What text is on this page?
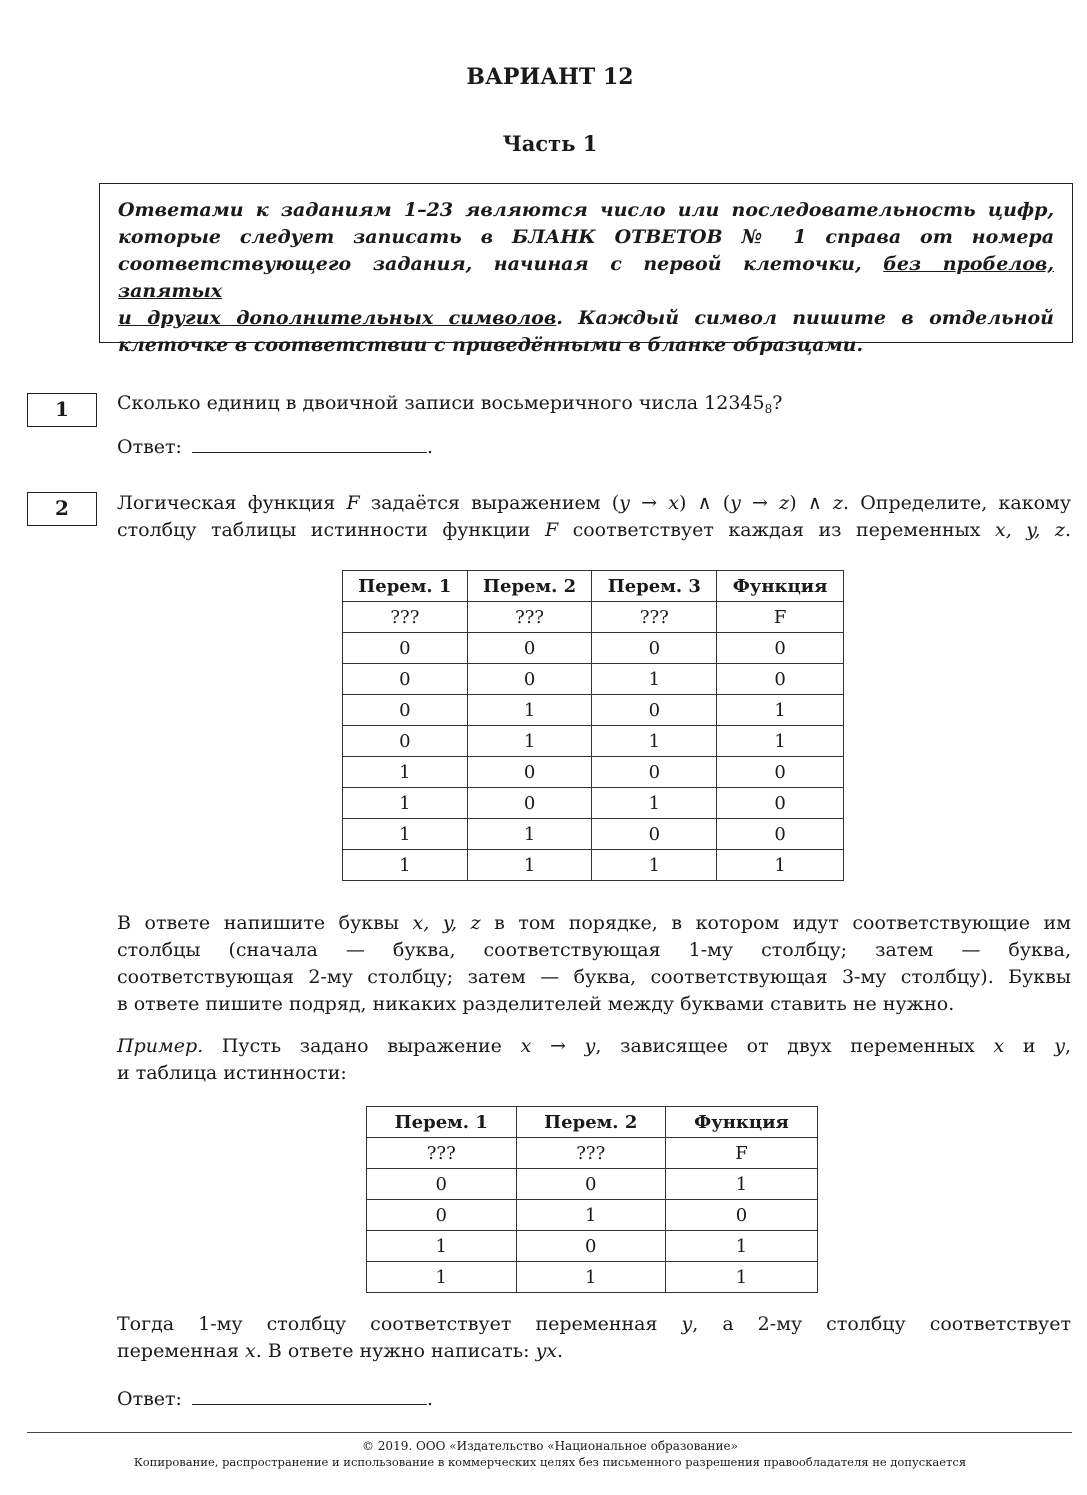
ВАРИАНТ 12
Часть 1
Ответами к заданиям 1–23 являются число или последовательность цифр,
которые следует записать в БЛАНК ОТВЕТОВ № 1 справа от номера
соответствующего задания, начиная с первой клеточки, без пробелов, запятых
и других дополнительных символов. Каждый символ пишите в отдельной
клеточке в соответствии с приведёнными в бланке образцами.
1	Сколько единиц в двоичной записи восьмеричного числа $12345_8$?
Ответ:	.
2	Логическая функция F задаётся выражением (y → x) ∧ (y → z) ∧ z. Определите, какому
столбцу таблицы истинности функции F соответствует каждая из переменных x, y, z.
Перем. 1	Перем. 2	Перем. 3	Функция
???	???	???	F
0	0	0	0
0	0	1	0
0	1	0	1
0	1	1	1
1	0	0	0
1	0	1	0
1	1	0	0
1	1	1	1
В ответе напишите буквы x, y, z в том порядке, в котором идут соответствующие им
столбцы (сначала — буква, соответствующая 1-му столбцу; затем — буква,
соответствующая 2-му столбцу; затем — буква, соответствующая 3-му столбцу). Буквы
в ответе пишите подряд, никаких разделителей между буквами ставить не нужно.
Пример. Пусть задано выражение x → y, зависящее от двух переменных x и y,
и таблица истинности:
Перем. 1	Перем. 2	Функция
???	???	F
0	0	1
0	1	0
1	0	1
1	1	1
Тогда 1-му столбцу соответствует переменная y, а 2-му столбцу соответствует
переменная x. В ответе нужно написать: yx.
Ответ:	.
© 2019. ООО «Издательство «Национальное образование»
Копирование, распространение и использование в коммерческих целях без письменного разрешения правообладателя не допускается
